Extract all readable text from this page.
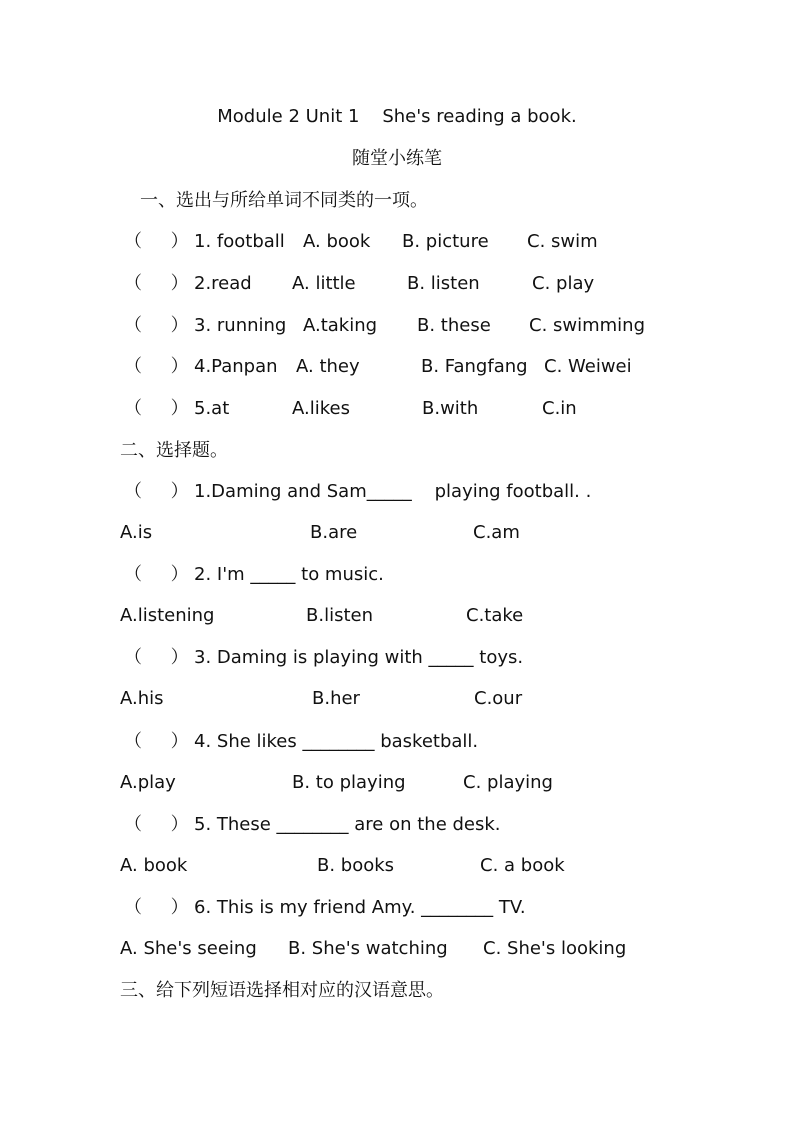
Module 2 Unit 1    She's reading a book.
随堂小练笔
一、选出与所给单词不同类的一项。
（     ） 1. football A. book B. picture C. swim
（     ） 2.read A. little	B. listen	C. play
（     ） 3. running A.taking B. these C. swimming
（     ） 4.Panpan A. they	B. Fangfang C. Weiwei
（     ） 5.at	A.likes	B.with	C.in
二、选择题。
（     ） 1.Daming and Sam_____    playing football. .
A.is	B.are	C.am
（     ） 2. I'm _____ to music.
A.listening	B.listen	C.take
（     ） 3. Daming is playing with _____ toys.
A.his	B.her	C.our
（     ） 4. She likes ________ basketball.
A.play	B. to playing	C. playing
（     ） 5. These ________ are on the desk.
A. book	B. books	C. a book
（     ） 6. This is my friend Amy. ________ TV.
A. She's seeing B. She's watching C. She's looking
三、给下列短语选择相对应的汉语意思。
